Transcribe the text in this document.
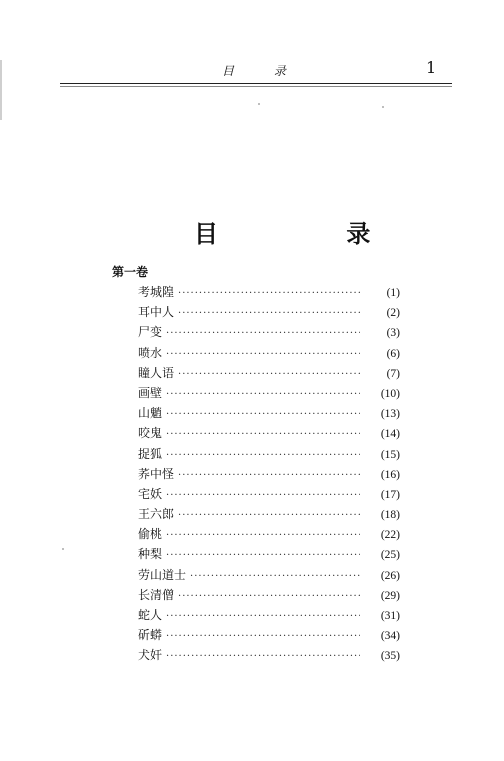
目 录	1
目 录
第一卷
考城隍 ·····	(1)
耳中人 ·····	(2)
尸变 ·····	(3)
喷水 ·····	(6)
瞳人语 ·····	(7)
画壁 ·····	(10)
山魈 ·····	(13)
咬鬼 ·····	(14)
捉狐 ·····	(15)
荞中怪 ·····	(16)
宅妖 ·····	(17)
王六郎 ·····	(18)
偷桃 ·····	(22)
种梨 ·····	(25)
劳山道士 ·····	(26)
长清僧 ·····	(29)
蛇人 ·····	(31)
斫蟒 ·····	(34)
犬奸 ·····	(35)
